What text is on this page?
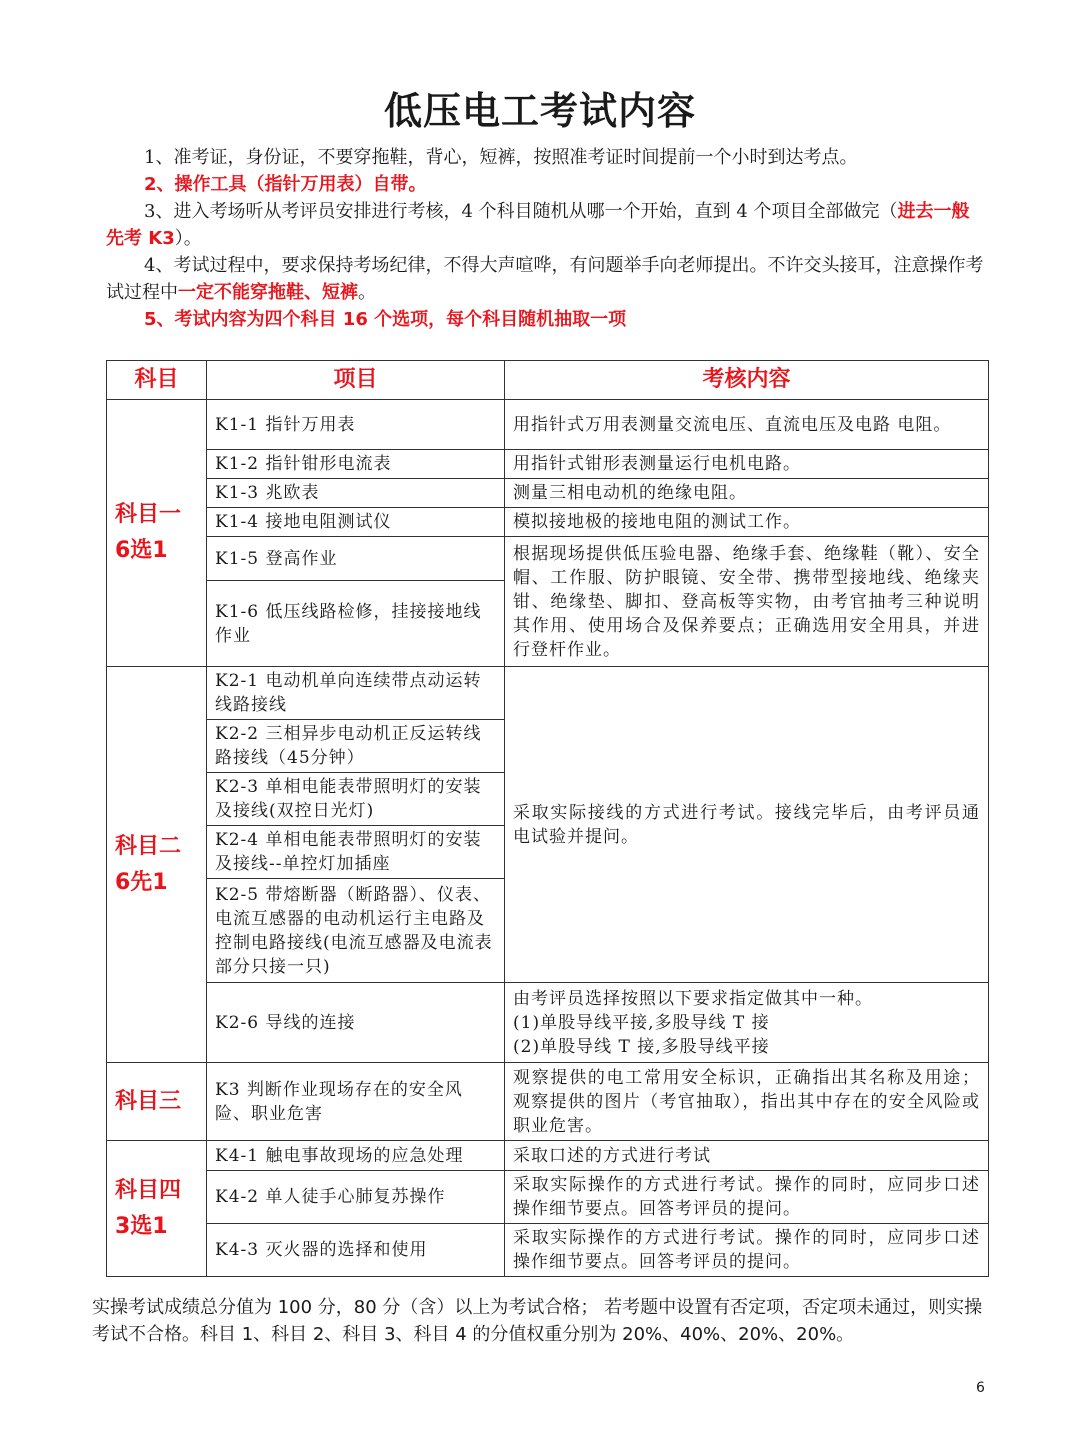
低压电工考试内容

1、准考证，身份证，不要穿拖鞋，背心，短裤，按照准考证时间提前一个小时到达考点。

2、操作工具（指针万用表）自带。

3、进入考场听从考评员安排进行考核，4 个科目随机从哪一个开始，直到 4 个项目全部做完（进去一般先考 K3）。

4、考试过程中，要求保持考场纪律，不得大声喧哗，有问题举手向老师提出。不许交头接耳，注意操作考试过程中一定不能穿拖鞋、短裤。

5、考试内容为四个科目 16 个选项，每个科目随机抽取一项

科目	项目	考核内容
科目一
6选1	K1-1 指针万用表	用指针式万用表测量交流电压、直流电压及电路 电阻。
	K1-2 指针钳形电流表	用指针式钳形表测量运行电机电路。
	K1-3 兆欧表	测量三相电动机的绝缘电阻。
	K1-4 接地电阻测试仪	模拟接地极的接地电阻的测试工作。
	K1-5 登高作业	根据现场提供低压验电器、绝缘手套、绝缘鞋（靴）、安全帽、工作服、防护眼镜、安全带、携带型接地线、绝缘夹钳、绝缘垫、脚扣、登高板等实物，由考官抽考三种说明其作用、使用场合及保养要点；正确选用安全用具，并进行登杆作业。
	K1-6 低压线路检修，挂接接地线作业	
科目二
6先1	K2-1 电动机单向连续带点动运转线路接线	采取实际接线的方式进行考试。接线完毕后，由考评员通电试验并提问。
	K2-2 三相异步电动机正反运转线路接线（45分钟）	
	K2-3 单相电能表带照明灯的安装及接线(双控日光灯)	
	K2-4 单相电能表带照明灯的安装及接线--单控灯加插座	
	K2-5 带熔断器（断路器）、仪表、电流互感器的电动机运行主电路及控制电路接线(电流互感器及电流表部分只接一只)	
	K2-6 导线的连接	由考评员选择按照以下要求指定做其中一种。
(1)单股导线平接,多股导线 T 接
(2)单股导线 T 接,多股导线平接

科目三	K3 判断作业现场存在的安全风险、职业危害	观察提供的电工常用安全标识，正确指出其名称及用途；观察提供的图片（考官抽取），指出其中存在的安全风险或职业危害。
科目四
3选1	K4-1 触电事故现场的应急处理	采取口述的方式进行考试
	K4-2 单人徒手心肺复苏操作	采取实际操作的方式进行考试。操作的同时，应同步口述操作细节要点。回答考评员的提问。
	K4-3 灭火器的选择和使用	采取实际操作的方式进行考试。操作的同时，应同步口述操作细节要点。回答考评员的提问。
实操考试成绩总分值为 100 分，80 分（含）以上为考试合格； 若考题中设置有否定项，否定项未通过，则实操考试不合格。科目 1、科目 2、科目 3、科目 4 的分值权重分别为 20%、40%、20%、20%。
6
